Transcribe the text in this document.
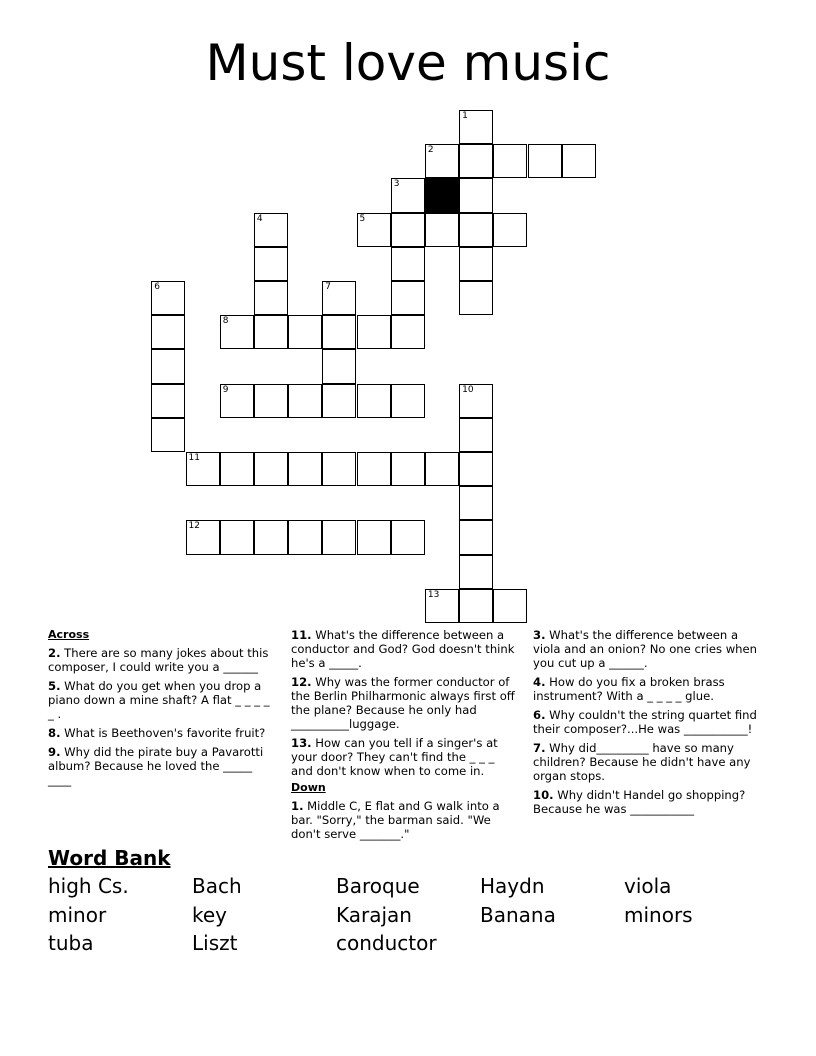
Must love music
1
2
3
4	5
6	7
8
9	10
11
12
13
Across
2. There are so many jokes about this composer, I could write you a ______
5. What do you get when you drop a piano down a mine shaft? A flat _ _ _ _ _ .
8. What is Beethoven's favorite fruit?
9. Why did the pirate buy a Pavarotti album? Because he loved the _____ ____
11. What's the difference between a conductor and God? God doesn't think he's a _____.
12. Why was the former conductor of the Berlin Philharmonic always first off the plane? Because he only had __________luggage.
13. How can you tell if a singer's at your door? They can't find the _ _ _ and don't know when to come in.
Down
1. Middle C, E flat and G walk into a bar. "Sorry," the barman said. "We don't serve _______."
3. What's the difference between a viola and an onion? No one cries when you cut up a ______.
4. How do you fix a broken brass instrument? With a _ _ _ _ glue.
6. Why couldn't the string quartet find their composer?...He was ___________!
7. Why did_________ have so many children? Because he didn't have any organ stops.
10. Why didn't Handel go shopping? Because he was ___________
Word Bank
high Cs.	Bach	Baroque	Haydn	viola
minor	key	Karajan	Banana	minors
tuba	Liszt	conductor
